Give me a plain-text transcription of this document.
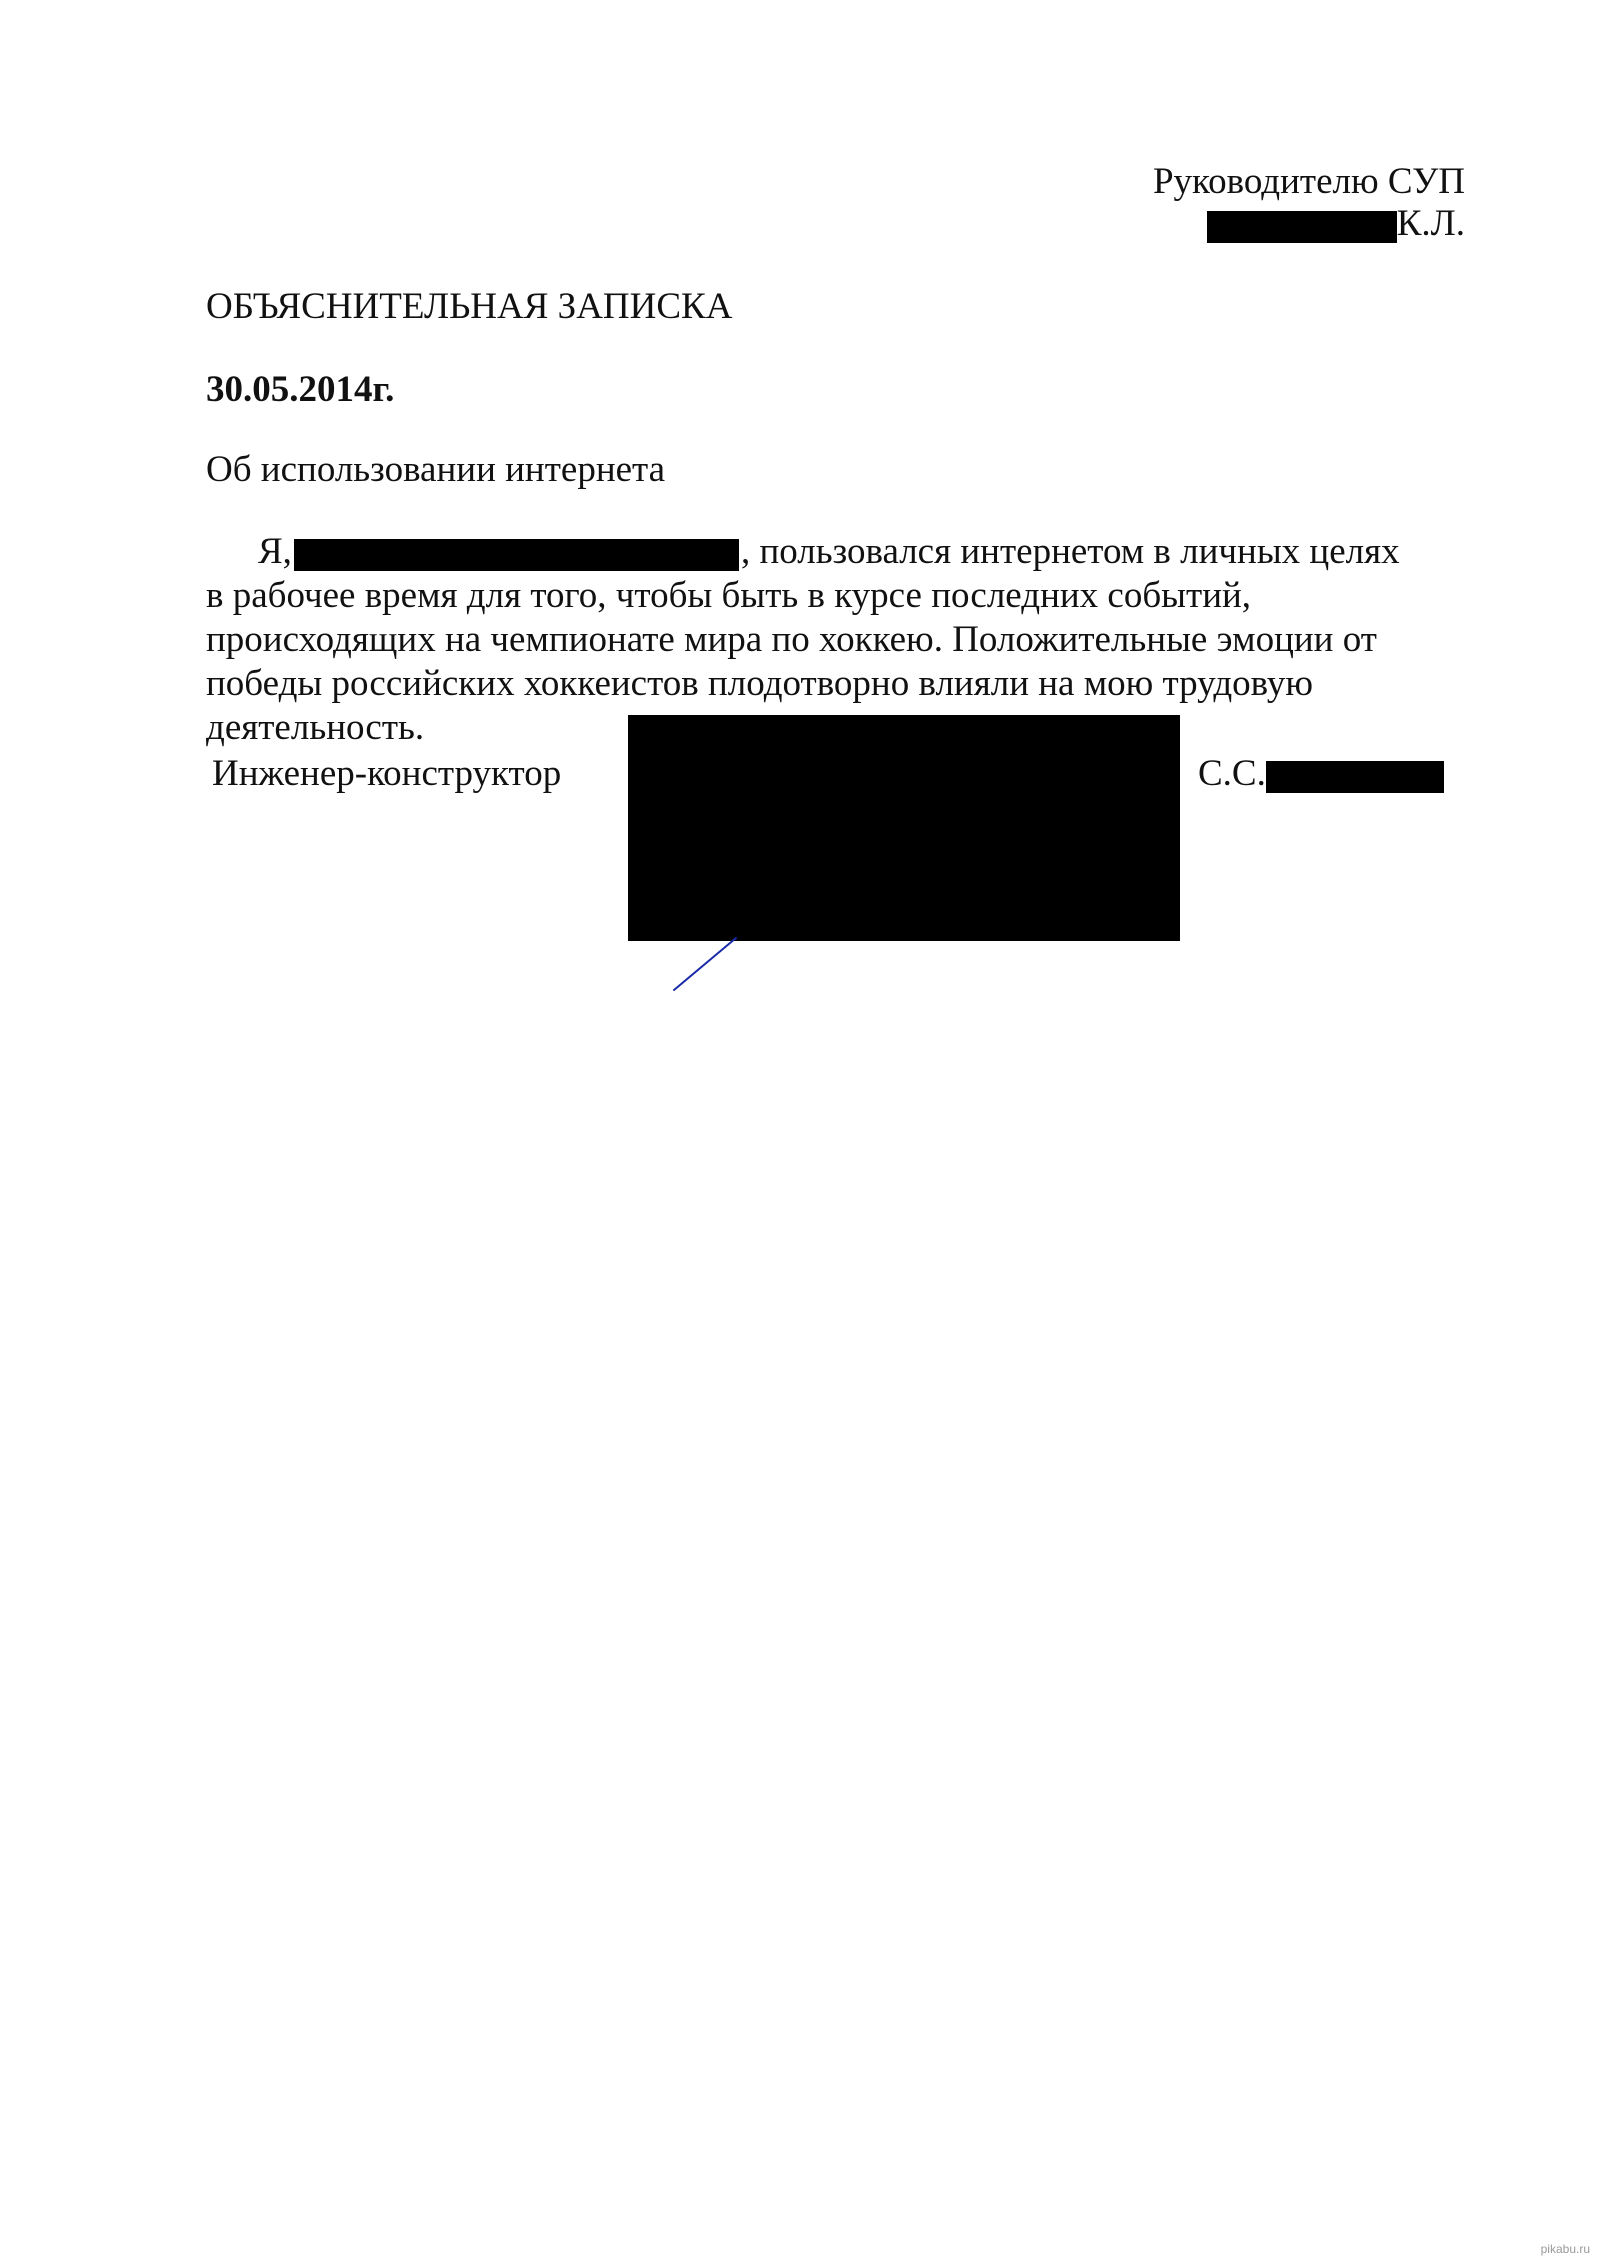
Руководителю СУП
К.Л.
ОБЪЯСНИТЕЛЬНАЯ ЗАПИСКА
30.05.2014г.
Об использовании интернета
Я,	, пользовался интернетом в личных целях
в рабочее время для того, чтобы быть в курсе последних событий,
происходящих на чемпионате мира по хоккею. Положительные эмоции от
победы российских хоккеистов плодотворно влияли на мою трудовую
деятельность.
Инженер-конструктор	С.С.
pikabu.ru
